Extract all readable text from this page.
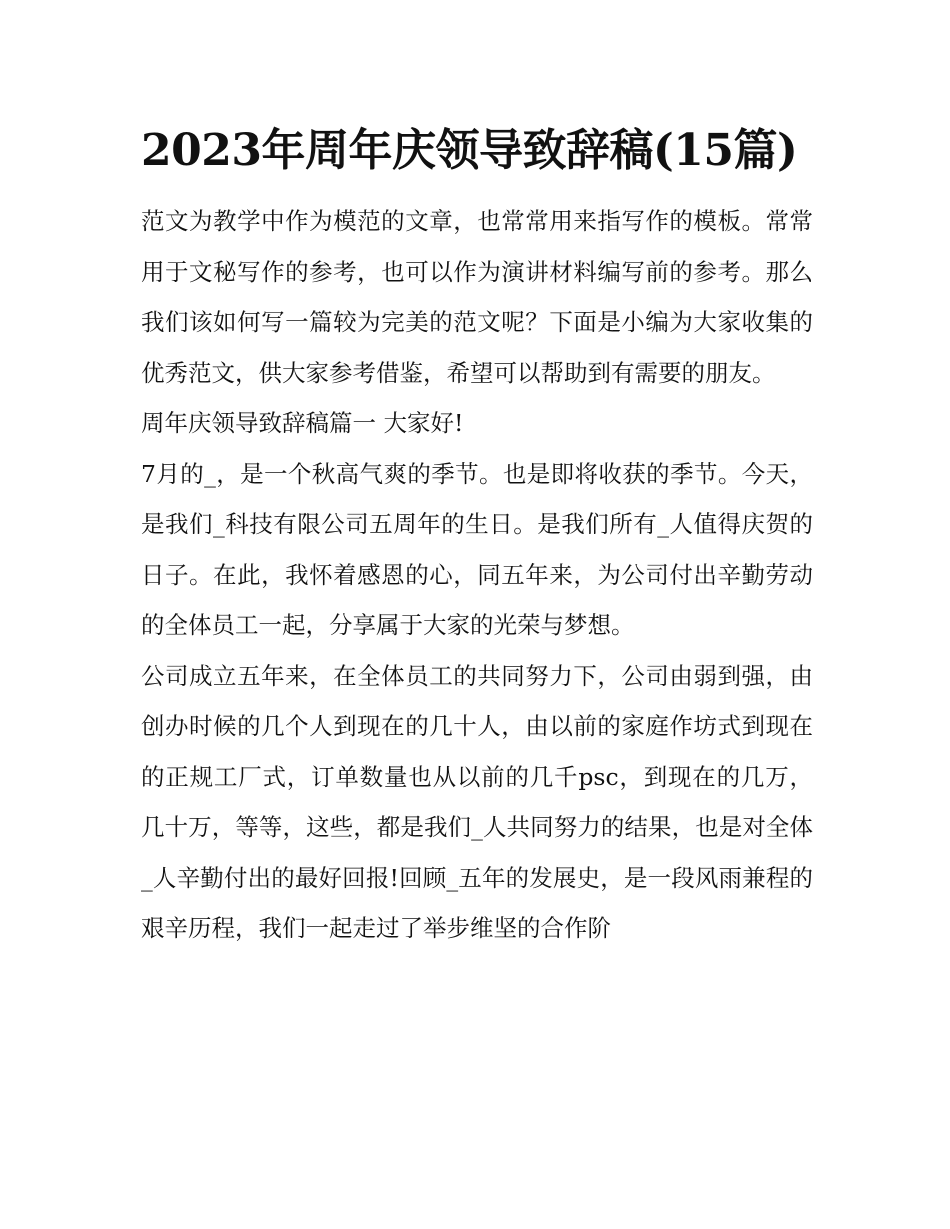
2023年周年庆领导致辞稿(15篇)

范文为教学中作为模范的文章，也常常用来指写作的模板。常常用于文秘写作的参考，也可以作为演讲材料编写前的参考。那么我们该如何写一篇较为完美的范文呢？下面是小编为大家收集的优秀范文，供大家参考借鉴，希望可以帮助到有需要的朋友。

周年庆领导致辞稿篇一 大家好!

7月的_，是一个秋高气爽的季节。也是即将收获的季节。今天，是我们_科技有限公司五周年的生日。是我们所有_人值得庆贺的日子。在此，我怀着感恩的心，同五年来，为公司付出辛勤劳动的全体员工一起，分享属于大家的光荣与梦想。

公司成立五年来，在全体员工的共同努力下，公司由弱到强，由创办时候的几个人到现在的几十人，由以前的家庭作坊式到现在的正规工厂式，订单数量也从以前的几千psc，到现在的几万，几十万，等等，这些，都是我们_人共同努力的结果，也是对全体_人辛勤付出的最好回报!回顾_五年的发展史，是一段风雨兼程的艰辛历程，我们一起走过了举步维坚的合作阶
